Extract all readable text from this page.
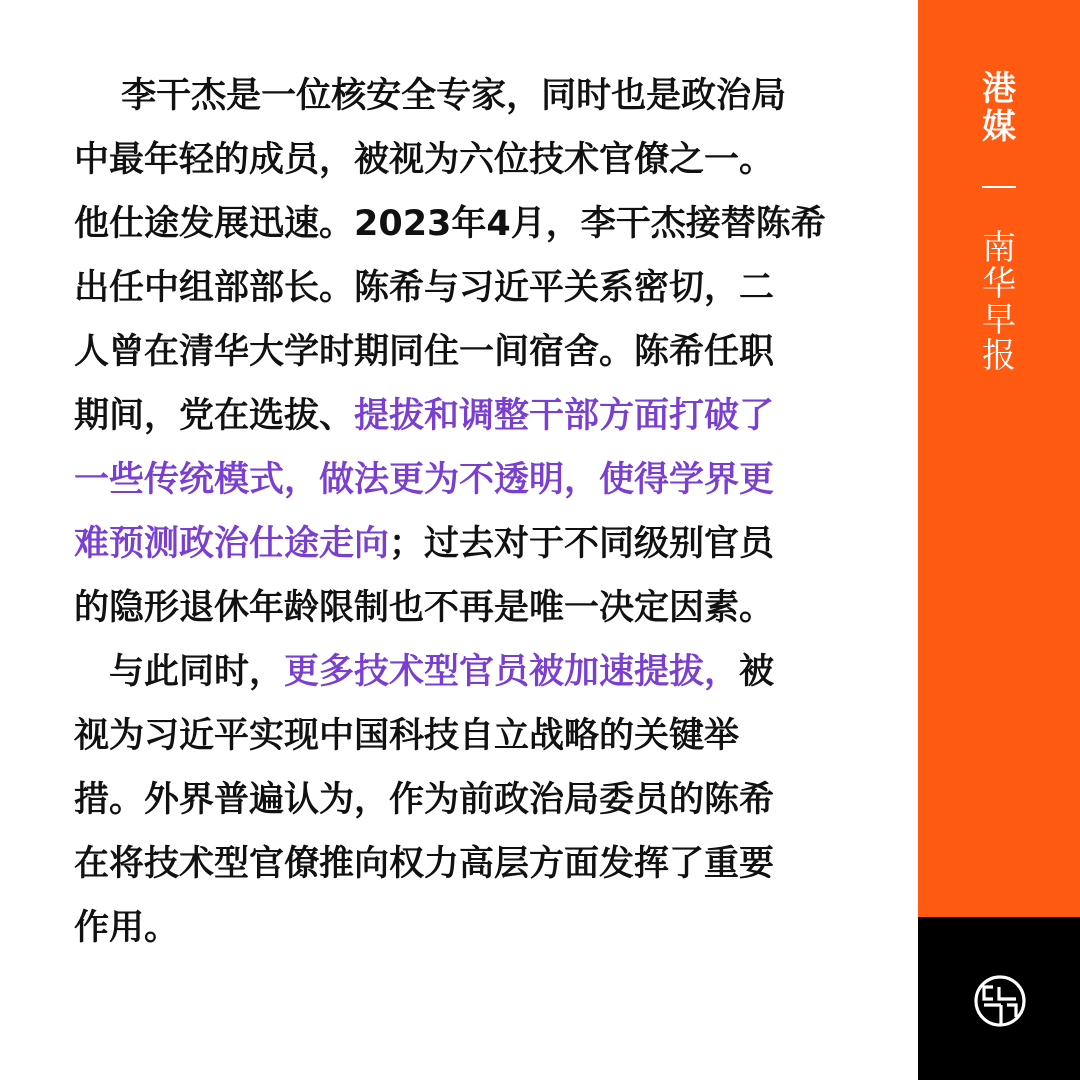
　 李干杰是一位核安全专家，同时也是政治局
中最年轻的成员，被视为六位技术官僚之一。
他仕途发展迅速。2023年4月，李干杰接替陈希
出任中组部部长。陈希与习近平关系密切，二
人曾在清华大学时期同住一间宿舍。陈希任职
期间，党在选拔、提拔和调整干部方面打破了
一些传统模式，做法更为不透明，使得学界更
难预测政治仕途走向；过去对于不同级别官员
的隐形退休年龄限制也不再是唯一决定因素。

　与此同时，更多技术型官员被加速提拔，被
视为习近平实现中国科技自立战略的关键举
措。外界普遍认为，作为前政治局委员的陈希
在将技术型官僚推向权力高层方面发挥了重要
作用。

港
媒
南
华
早
报
